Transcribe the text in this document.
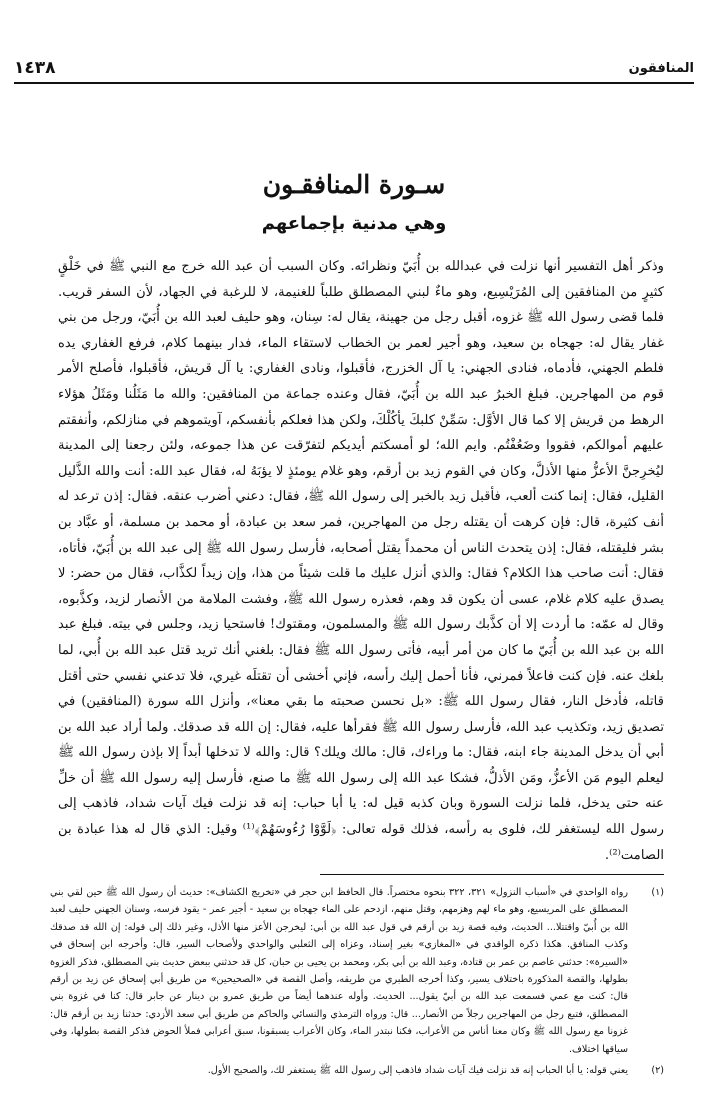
١٤٣٨	المنافقون
سـورة المنافقـون
وهي مدنية بإجماعهم

وذكر أهل التفسير أنها نزلت في عبدالله بن أُبَيّ ونظرائه. وكان السبب أن عبد الله خرج مع النبي ﷺ في خَلْقٍ كثيرٍ من المنافقين إلى المُرَيْسِيع، وهو ماءٌ لبني المصطلق طلباً للغنيمة، لا للرغبة في الجهاد، لأن السفر قريب. فلما قضى رسول الله ﷺ غزوه، أقبل رجل من جهينة، يقال له: سِنان، وهو حليف لعبد الله بن أُبَيّ، ورجل من بني غفار يقال له: جهجاه بن سعيد، وهو أجير لعمر بن الخطاب لاستقاء الماء، فدار بينهما كلام، فرفع الغفاري يده فلطم الجهني، فأدماه، فنادى الجهني: يا آل الخزرج، فأقبلوا، ونادى الغفاري: يا آل قريش، فأقبلوا، فأصلح الأمر قوم من المهاجرين. فبلغ الخبرُ عبد الله بن أُبَيّ، فقال وعنده جماعة من المنافقين: والله ما مَثَلُنا ومَثَلُ هؤلاء الرهط من قريش إلا كما قال الأوَّل: سَمِّنْ كلبكَ يأكُلْكَ، ولكن هذا فعلكم بأنفسكم، آويتموهم في منازلكم، وأنفقتم عليهم أموالكم، فقووا وضَعُفْتُم. وايم الله؛ لو أمسكتم أيديكم لتفرّقت عن هذا جموعه، ولئن رجعنا إلى المدينة ليُخرِجنَّ الأعزُّ منها الأذلَّ، وكان في القوم زيد بن أرقم، وهو غلام يومئذٍ لا يؤبَهُ له، فقال عبد الله: أنت والله الذَّليل القليل، فقال: إنما كنت ألعب، فأقبل زيد بالخبر إلى رسول الله ﷺ، فقال: دعني أضرب عنقه. فقال: إذن ترعد له أنف كثيرة، قال: فإن كرهت أن يقتله رجل من المهاجرين، فمر سعد بن عبادة، أو محمد بن مسلمة، أو عبَّاد بن بشر فليقتله، فقال: إذن يتحدث الناس أن محمداً يقتل أصحابه، فأرسل رسول الله ﷺ إلى عبد الله بن أُبَيّ، فأتاه، فقال: أنت صاحب هذا الكلام؟ فقال: والذي أنزل عليك ما قلت شيئاً من هذا، وإن زيداً لكذَّاب، فقال من حضر: لا يصدق عليه كلام غلام، عسى أن يكون قد وهم، فعذره رسول الله ﷺ، وفشت الملامة من الأنصار لزيد، وكذَّبوه، وقال له عمّه: ما أردت إلا أن كذَّبك رسول الله ﷺ والمسلمون، ومقتوك! فاستحيا زيد، وجلس في بيته. فبلغ عبد الله بن عبد الله بن أُبَيّ ما كان من أمر أبيه، فأتى رسول الله ﷺ فقال: بلغني أنك تريد قتل عبد الله بن أُبي، لما بلغك عنه. فإن كنت فاعلاً فمرني، فأنا أحمل إليك رأسه، فإني أخشى أن تقتلَه غيري، فلا تدعني نفسي حتى أقتل قاتله، فأدخل النار، فقال رسول الله ﷺ: «بل نحسن صحبته ما بقي معنا»، وأنزل الله سورة (المنافقين) في تصديق زيد، وتكذيب عبد الله، فأرسل رسول الله ﷺ فقرأها عليه، فقال: إن الله قد صدقك. ولما أراد عبد الله بن أبي أن يدخل المدينة جاء ابنه، فقال: ما وراءك، قال: مالك ويلك؟ قال: والله لا تدخلها أبداً إلا بإذن رسول الله ﷺ ليعلم اليوم مَن الأعزُّ، ومَن الأذلُّ، فشكا عبد الله إلى رسول الله ﷺ ما صنع، فأرسل إليه رسول الله ﷺ أن خلِّ عنه حتى يدخل، فلما نزلت السورة وبان كذبه قيل له: يا أبا حباب: إنه قد نزلت فيك آيات شداد، فاذهب إلى رسول الله ليستغفر لك، فلوى به رأسه، فذلك قوله تعالى: ﴿لَوَّوْا رُءُوسَهُمْ﴾⁽¹⁾ وقيل: الذي قال له هذا عبادة بن الصامت⁽²⁾.

(١)
رواه الواحدي في «أسباب النزول» ٣٢١، ٣٢٢ بنحوه مختصراً. قال الحافظ ابن حجر في «تخريج الكشاف»: حديث أن رسول الله ﷺ حين لقي بني المصطلق على المريسيع، وهو ماء لهم وهزمهم، وقتل منهم، ازدحم على الماء جهجاه بن سعيد - أجير عمر - يقود فرسه، وسنان الجهني حليف لعبد الله بن أُبيّ واقتتلا... الحديث، وفيه قصة زيد بن أرقم في قول عبد الله بن أبي: ليخرجن الأعز منها الأذل، وغير ذلك إلى قوله: إن الله قد صدقك وكذب المنافق. هكذا ذكره الواقدي في «المغازي» بغير إسناد، وعزاه إلى الثعلبي والواحدي ولأصحاب السير، قال: وأخرجه ابن إسحاق في «السيرة»: حدثني عاصم بن عمر بن قتادة، وعبد الله بن أبي بكر، ومحمد بن يحيى بن حبان، كل قد حدثني ببعض حديث بني المصطلق، فذكر الغزوة بطولها، والقصة المذكورة باختلاف يسير، وكذا أخرجه الطبري من طريقه، وأصل القصة في «الصحيحين» من طريق أبي إسحاق عن زيد بن أرقم قال: كنت مع عمي فسمعت عبد الله بن أبيّ يقول... الحديث. وأوله عندهما أيضاً من طريق عمرو بن دينار عن جابر قال: كنا في غزوة بني المصطلق، فتبع رجل من المهاجرين رجلاً من الأنصار... قال: ورواه الترمذي والنسائي والحاكم من طريق أبي سعد الأزدي: حدثنا زيد بن أرقم قال: غزونا مع رسول الله ﷺ وكان معنا أناس من الأعراب، فكنا نبتدر الماء، وكان الأعراب يسبقونا، سبق أعرابي فملأ الحوض فذكر القصة بطولها، وفي سياقها اختلاف.
(٢)
يعني قوله: يا أبا الحباب إنه قد نزلت فيك آيات شداد فاذهب إلى رسول الله ﷺ يستغفر لك، والصحيح الأول.
